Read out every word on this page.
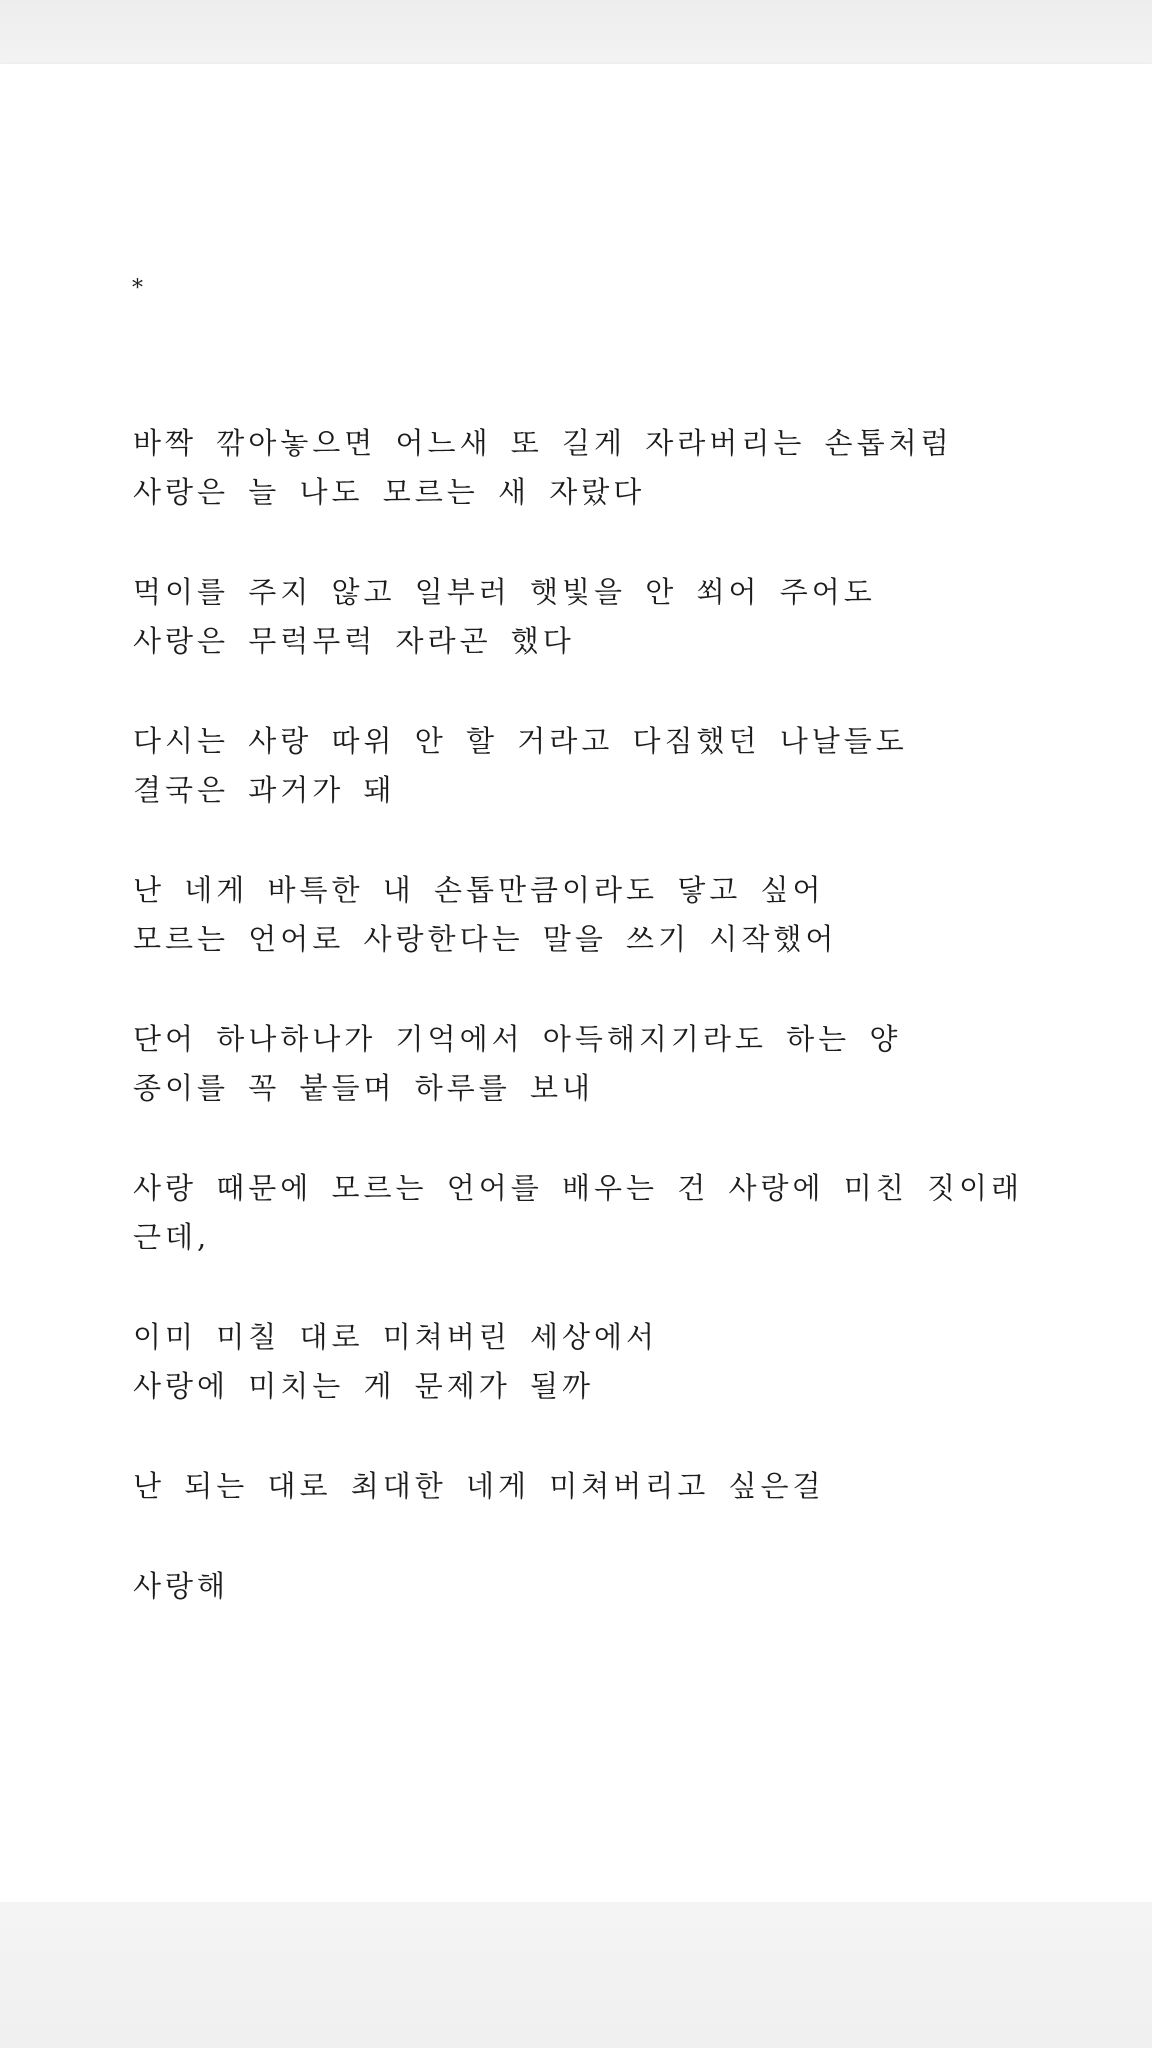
*

바짝 깎아놓으면 어느새 또 길게 자라버리는 손톱처럼

사랑은 늘 나도 모르는 새 자랐다

먹이를 주지 않고 일부러 햇빛을 안 쐬어 주어도

사랑은 무럭무럭 자라곤 했다

다시는 사랑 따위 안 할 거라고 다짐했던 나날들도

결국은 과거가 돼

난 네게 바특한 내 손톱만큼이라도 닿고 싶어

모르는 언어로 사랑한다는 말을 쓰기 시작했어

단어 하나하나가 기억에서 아득해지기라도 하는 양

종이를 꼭 붙들며 하루를 보내

사랑 때문에 모르는 언어를 배우는 건 사랑에 미친 짓이래

근데,

이미 미칠 대로 미쳐버린 세상에서

사랑에 미치는 게 문제가 될까

난 되는 대로 최대한 네게 미쳐버리고 싶은걸

사랑해
